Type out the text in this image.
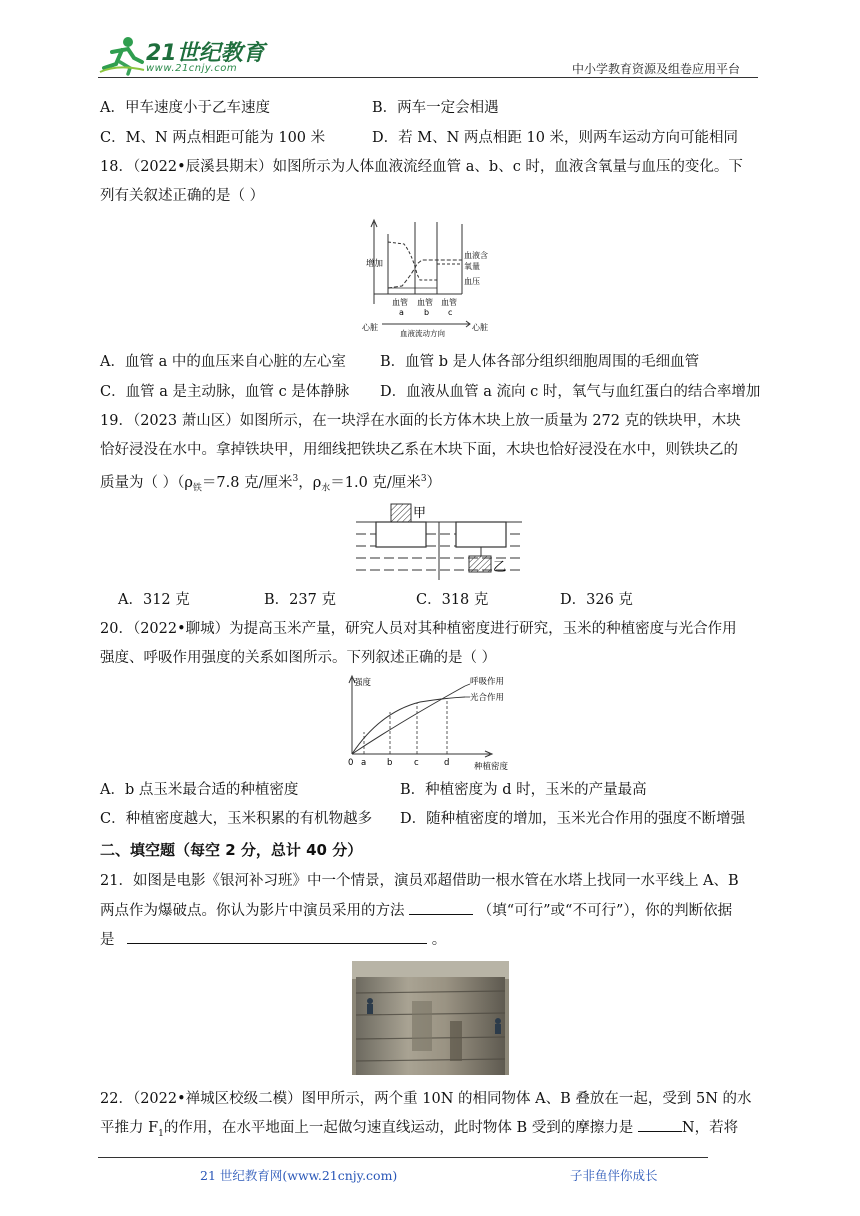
21世纪教育
www.21cnjy.com	中小学教育资源及组卷应用平台
A．甲车速度小于乙车速度	B．两车一定会相遇
C．M、N 两点相距可能为 100 米	D．若 M、N 两点相距 10 米，则两车运动方向可能相同
18．（2022•辰溪县期末）如图所示为人体血液流经血管 a、b、c 时，血液含氧量与血压的变化。下
列有关叙述正确的是（ ）
增加
血液含
氧量
血压
血管
a
血管
b
血管
c
心脏	心脏
血液流动方向
A．血管 a 中的血压来自心脏的左心室 B．血管 b 是人体各部分组织细胞周围的毛细血管
C．血管 a 是主动脉，血管 c 是体静脉 D．血液从血管 a 流向 c 时，氧气与血红蛋白的结合率增加
19．（2023 萧山区）如图所示，在一块浮在水面的长方体木块上放一质量为 272 克的铁块甲，木块
恰好浸没在水中。拿掉铁块甲，用细线把铁块乙系在木块下面，木块也恰好浸没在水中，则铁块乙的
质量为（ ）（$\rho_铁=7.8$ 克/厘米$^3$，$\rho_水=1.0$ 克/厘米$^3$）
甲
乙
A．312 克	B．237 克	C．318 克	D．326 克
20．（2022•聊城）为提高玉米产量，研究人员对其种植密度进行研究，玉米的种植密度与光合作用
强度、呼吸作用强度的关系如图所示。下列叙述正确的是（ ）
强度	呼吸作用
光合作用
0 a b	c	d	种植密度
A．b 点玉米最合适的种植密度	B．种植密度为 d 时，玉米的产量最高
C．种植密度越大，玉米积累的有机物越多 D．随种植密度的增加，玉米光合作用的强度不断增强
二、填空题（每空 2 分，总计 40 分）
21．如图是电影《银河补习班》中一个情景，演员邓超借助一根水管在水塔上找同一水平线上 A、B
两点作为爆破点。你认为影片中演员采用的方法	（填“可行”或“不可行”），你的判断依据
是	。
22．（2022•禅城区校级二模）图甲所示，两个重 10N 的相同物体 A、B 叠放在一起，受到 5N 的水
平推力 $F_1$的作用，在水平地面上一起做匀速直线运动，此时物体 B 受到的摩擦力是	N，若将
21 世纪教育网(www.21cnjy.com)	子非鱼伴你成长
